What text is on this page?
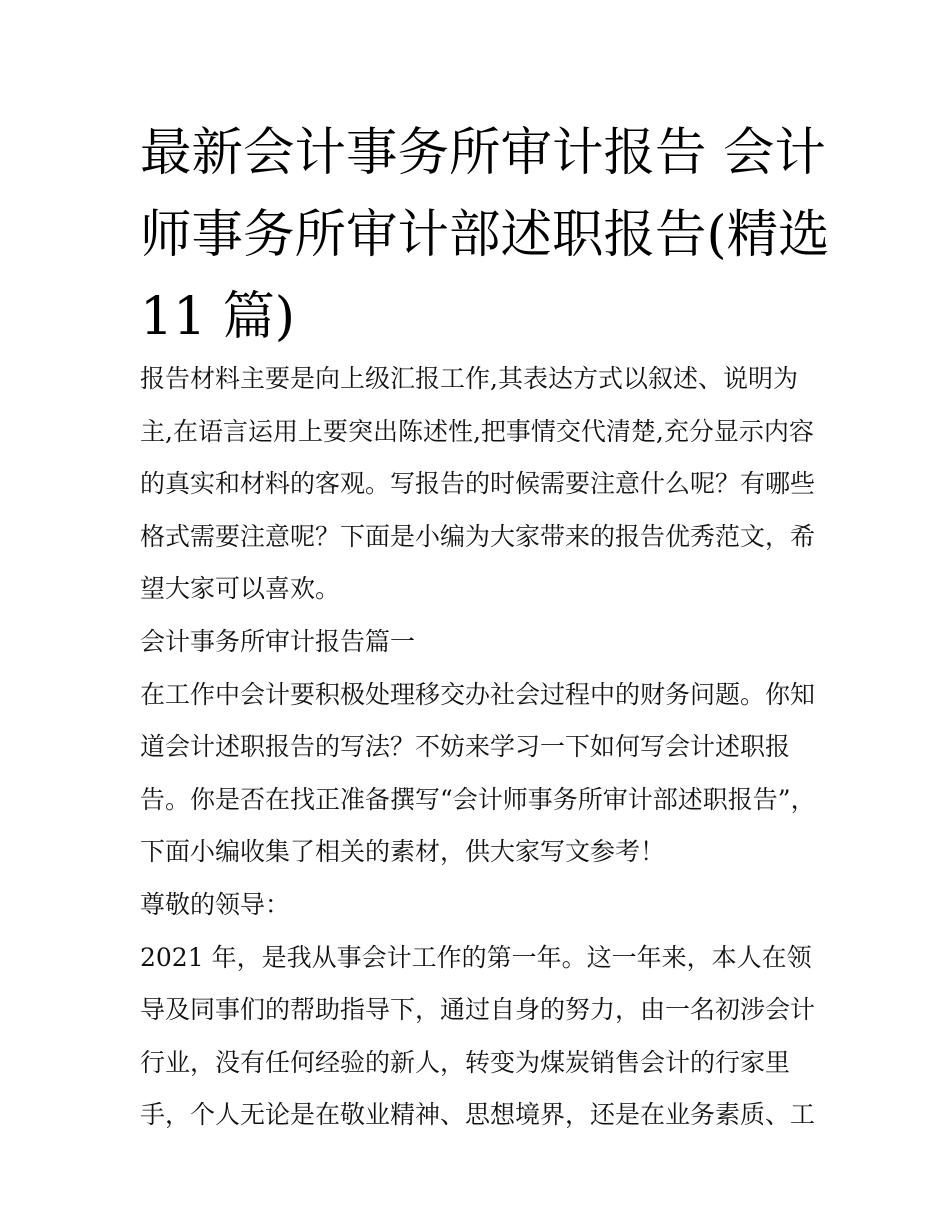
最新会计事务所审计报告 会计
师事务所审计部述职报告(精选
11 篇)
报告材料主要是向上级汇报工作,其表达方式以叙述、说明为
主,在语言运用上要突出陈述性,把事情交代清楚,充分显示内容
的真实和材料的客观。写报告的时候需要注意什么呢？有哪些
格式需要注意呢？下面是小编为大家带来的报告优秀范文，希
望大家可以喜欢。
会计事务所审计报告篇一
在工作中会计要积极处理移交办社会过程中的财务问题。你知
道会计述职报告的写法？不妨来学习一下如何写会计述职报
告。你是否在找正准备撰写“会计师事务所审计部述职报告”，
下面小编收集了相关的素材，供大家写文参考！
尊敬的领导：
2021 年，是我从事会计工作的第一年。这一年来，本人在领
导及同事们的帮助指导下，通过自身的努力，由一名初涉会计
行业，没有任何经验的新人，转变为煤炭销售会计的行家里
手，个人无论是在敬业精神、思想境界，还是在业务素质、工
